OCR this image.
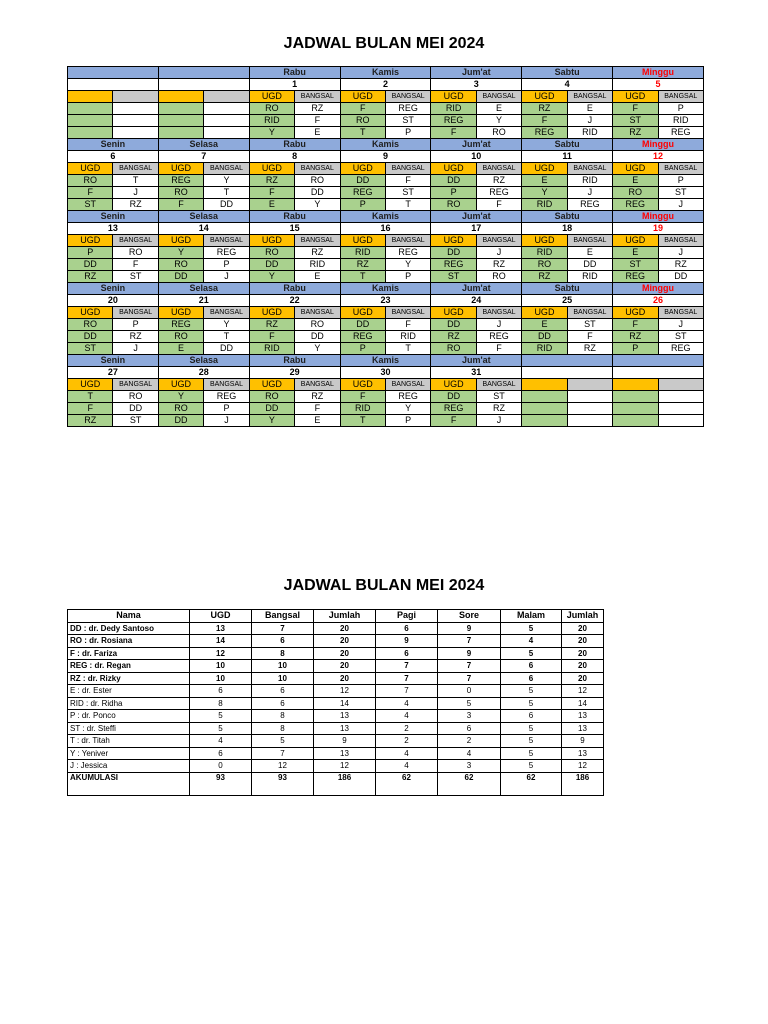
JADWAL BULAN MEI 2024
				Rabu		Kamis		Jum'at		Sabtu		Minggu	
				1		2		3		4		5	
				UGD	BANGSAL	UGD	BANGSAL	UGD	BANGSAL	UGD	BANGSAL	UGD	BANGSAL
				RO	RZ	F	REG	RID	E	RZ	E	F	P
				RID	F	RO	ST	REG	Y	F	J	ST	RID
				Y	E	T	P	F	RO	REG	RID	RZ	REG
Senin		Selasa		Rabu		Kamis		Jum'at		Sabtu		Minggu	
6		7		8		9		10		11		12	
UGD	BANGSAL	UGD	BANGSAL	UGD	BANGSAL	UGD	BANGSAL	UGD	BANGSAL	UGD	BANGSAL	UGD	BANGSAL
RO	T	REG	Y	RZ	RO	DD	F	DD	RZ	E	RID	E	P
F	J	RO	T	F	DD	REG	ST	P	REG	Y	J	RO	ST
ST	RZ	F	DD	E	Y	P	T	RO	F	RID	REG	REG	J
Senin		Selasa		Rabu		Kamis		Jum'at		Sabtu		Minggu	
13		14		15		16		17		18		19	
UGD	BANGSAL	UGD	BANGSAL	UGD	BANGSAL	UGD	BANGSAL	UGD	BANGSAL	UGD	BANGSAL	UGD	BANGSAL
P	RO	Y	REG	RO	RZ	RID	REG	DD	J	RID	E	E	J
DD	F	RO	P	DD	RID	RZ	Y	REG	RZ	RO	DD	ST	RZ
RZ	ST	DD	J	Y	E	T	P	ST	RO	RZ	RID	REG	DD
Senin		Selasa		Rabu		Kamis		Jum'at		Sabtu		Minggu	
20		21		22		23		24		25		26	
UGD	BANGSAL	UGD	BANGSAL	UGD	BANGSAL	UGD	BANGSAL	UGD	BANGSAL	UGD	BANGSAL	UGD	BANGSAL
RO	P	REG	Y	RZ	RO	DD	F	DD	J	E	ST	F	J
DD	RZ	RO	T	F	DD	REG	RID	RZ	REG	DD	F	RZ	ST
ST	J	E	DD	RID	Y	P	T	RO	F	RID	RZ	P	REG
Senin		Selasa		Rabu		Kamis		Jum'at					
27		28		29		30		31					
UGD	BANGSAL	UGD	BANGSAL	UGD	BANGSAL	UGD	BANGSAL	UGD	BANGSAL				
T	RO	Y	REG	RO	RZ	F	REG	DD	ST				
F	DD	RO	P	DD	F	RID	Y	REG	RZ				
RZ	ST	DD	J	Y	E	T	P	F	J				
JADWAL BULAN MEI 2024
Nama	UGD	Bangsal	Jumlah	Pagi	Sore	Malam	Jumlah
DD : dr. Dedy Santoso	13	7	20	6	9	5	20
RO : dr. Rosiana	14	6	20	9	7	4	20
F : dr. Fariza	12	8	20	6	9	5	20
REG : dr. Regan	10	10	20	7	7	6	20
RZ : dr. Rizky	10	10	20	7	7	6	20
E : dr. Ester	6	6	12	7	0	5	12
RID : dr. Ridha	8	6	14	4	5	5	14
P : dr. Ponco	5	8	13	4	3	6	13
ST : dr. Steffi	5	8	13	2	6	5	13
T : dr. Titah	4	5	9	2	2	5	9
Y : Yeniver	6	7	13	4	4	5	13
J : Jessica	0	12	12	4	3	5	12
AKUMULASI	93	93	186	62	62	62	186
